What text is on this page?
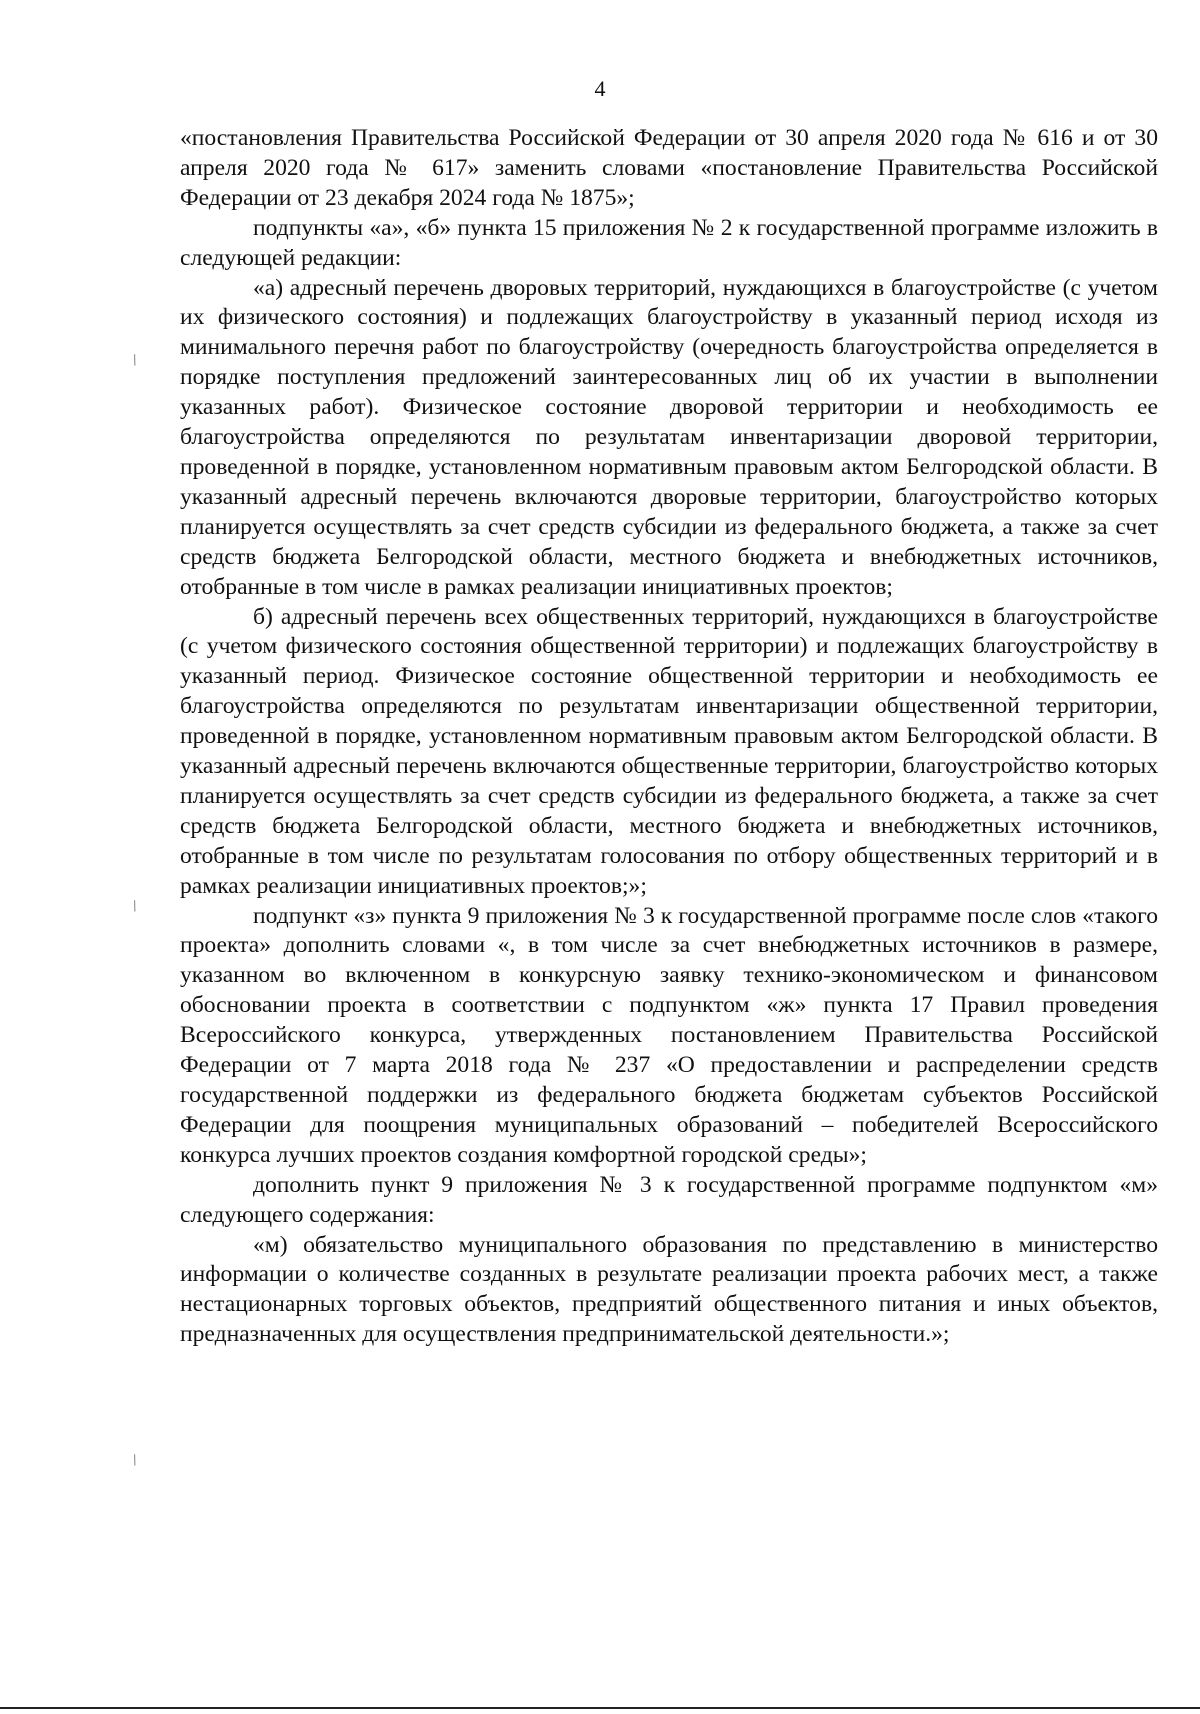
4
/
/
/

«постановления Правительства Российской Федерации от 30 апреля 2020 года № 616 и от 30 апреля 2020 года № 617» заменить словами «постановление Правительства Российской Федерации от 23 декабря 2024 года № 1875»;

подпункты «а», «б» пункта 15 приложения № 2 к государственной программе изложить в следующей редакции:

«а) адресный перечень дворовых территорий, нуждающихся в благоустройстве (с учетом их физического состояния) и подлежащих благоустройству в указанный период исходя из минимального перечня работ по благоустройству (очередность благоустройства определяется в порядке поступления предложений заинтересованных лиц об их участии в выполнении указанных работ). Физическое состояние дворовой территории и необходимость ее благоустройства определяются по результатам инвентаризации дворовой территории, проведенной в порядке, установленном нормативным правовым актом Белгородской области. В указанный адресный перечень включаются дворовые территории, благоустройство которых планируется осуществлять за счет средств субсидии из федерального бюджета, а также за счет средств бюджета Белгородской области, местного бюджета и внебюджетных источников, отобранные в том числе в рамках реализации инициативных проектов;

б) адресный перечень всех общественных территорий, нуждающихся в благоустройстве (с учетом физического состояния общественной территории) и подлежащих благоустройству в указанный период. Физическое состояние общественной территории и необходимость ее благоустройства определяются по результатам инвентаризации общественной территории, проведенной в порядке, установленном нормативным правовым актом Белгородской области. В указанный адресный перечень включаются общественные территории, благоустройство которых планируется осуществлять за счет средств субсидии из федерального бюджета, а также за счет средств бюджета Белгородской области, местного бюджета и внебюджетных источников, отобранные в том числе по результатам голосования по отбору общественных территорий и в рамках реализации инициативных проектов;»;

подпункт «з» пункта 9 приложения № 3 к государственной программе после слов «такого проекта» дополнить словами «, в том числе за счет внебюджетных источников в размере, указанном во включенном в конкурсную заявку технико-экономическом и финансовом обосновании проекта в соответствии с подпунктом «ж» пункта 17 Правил проведения Всероссийского конкурса, утвержденных постановлением Правительства Российской Федерации от 7 марта 2018 года № 237 «О предоставлении и распределении средств государственной поддержки из федерального бюджета бюджетам субъектов Российской Федерации для поощрения муниципальных образований – победителей Всероссийского конкурса лучших проектов создания комфортной городской среды»;

дополнить пункт 9 приложения № 3 к государственной программе подпунктом «м» следующего содержания:

«м) обязательство муниципального образования по представлению в министерство информации о количестве созданных в результате реализации проекта рабочих мест, а также нестационарных торговых объектов, предприятий общественного питания и иных объектов, предназначенных для осуществления предпринимательской деятельности.»;
